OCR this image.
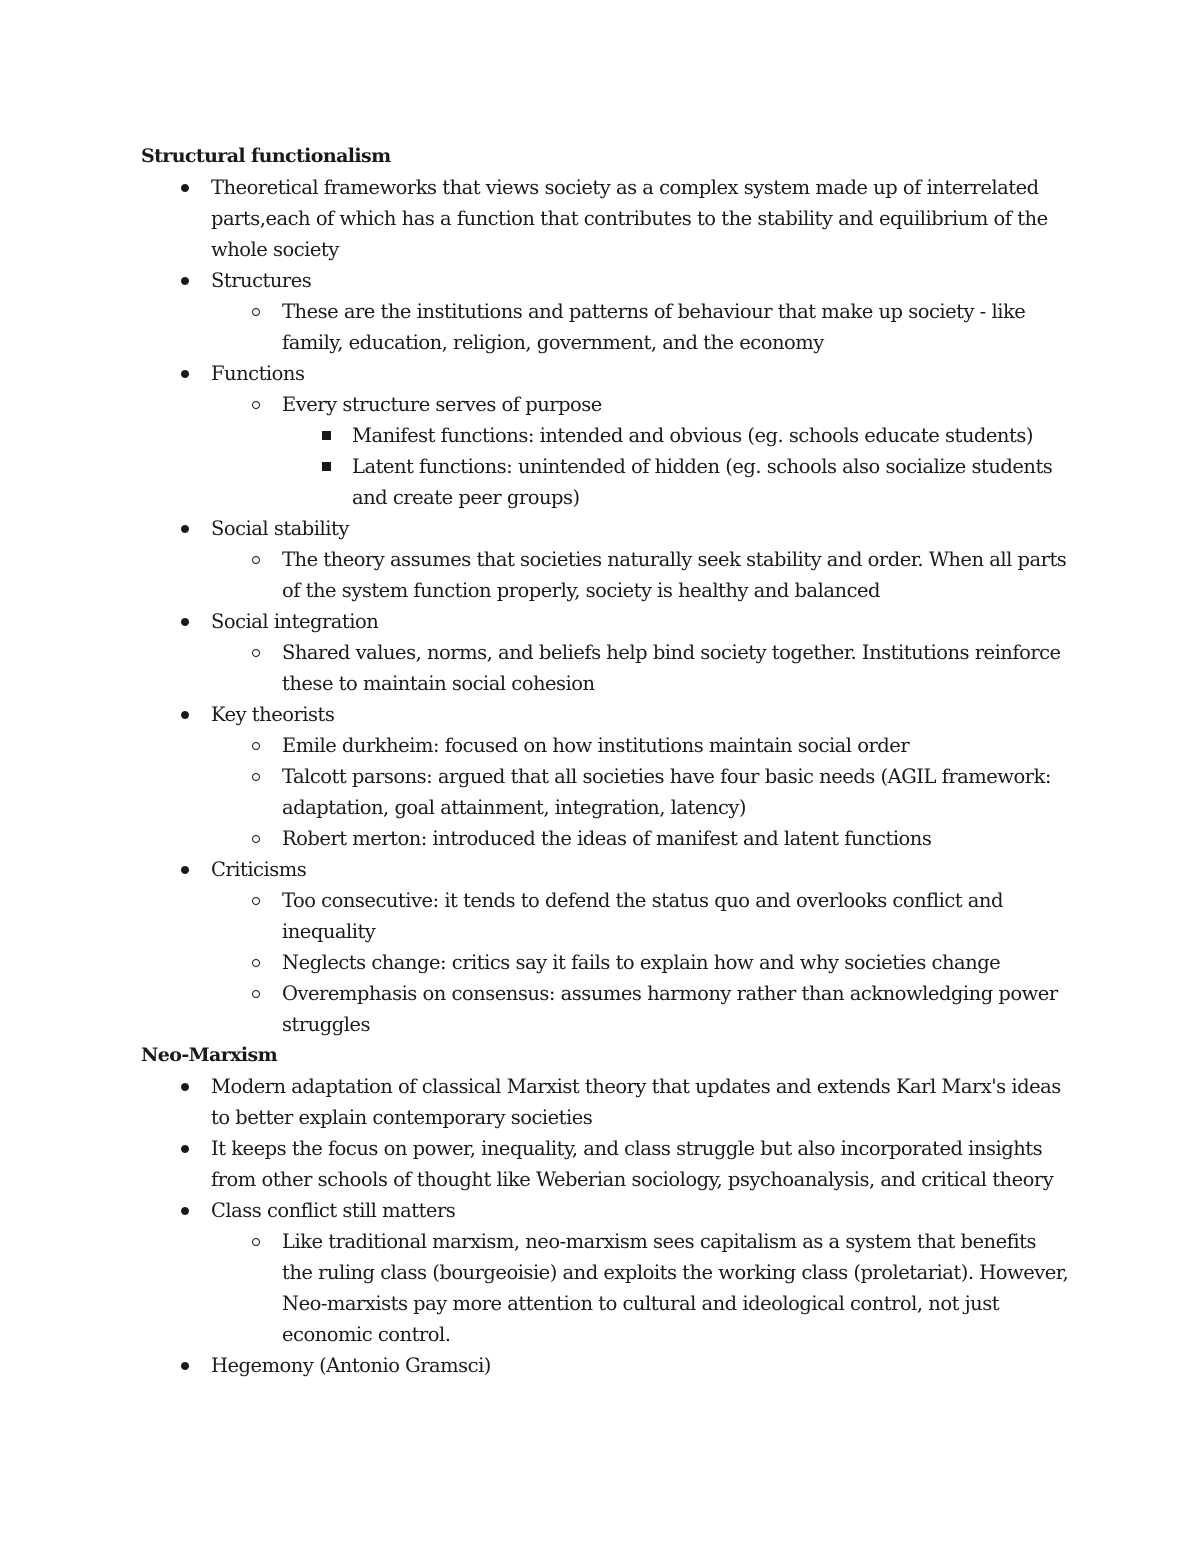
Structural functionalism
Theoretical frameworks that views society as a complex system made up of interrelated parts,each of which has a function that contributes to the stability and equilibrium of the whole society
Structures
These are the institutions and patterns of behaviour that make up society - like family, education, religion, government, and the economy
Functions
Every structure serves of purpose
Manifest functions: intended and obvious (eg. schools educate students)
Latent functions: unintended of hidden (eg. schools also socialize students and create peer groups)
Social stability
The theory assumes that societies naturally seek stability and order. When all parts of the system function properly, society is healthy and balanced
Social integration
Shared values, norms, and beliefs help bind society together. Institutions reinforce these to maintain social cohesion
Key theorists
Emile durkheim: focused on how institutions maintain social order
Talcott parsons: argued that all societies have four basic needs (AGIL framework: adaptation, goal attainment, integration, latency)
Robert merton: introduced the ideas of manifest and latent functions
Criticisms
Too consecutive: it tends to defend the status quo and overlooks conflict and inequality
Neglects change: critics say it fails to explain how and why societies change
Overemphasis on consensus: assumes harmony rather than acknowledging power struggles
Neo-Marxism
Modern adaptation of classical Marxist theory that updates and extends Karl Marx's ideas to better explain contemporary societies
It keeps the focus on power, inequality, and class struggle but also incorporated insights from other schools of thought like Weberian sociology, psychoanalysis, and critical theory
Class conflict still matters
Like traditional marxism, neo-marxism sees capitalism as a system that benefits the ruling class (bourgeoisie) and exploits the working class (proletariat). However, Neo-marxists pay more attention to cultural and ideological control, not just economic control.
Hegemony (Antonio Gramsci)
